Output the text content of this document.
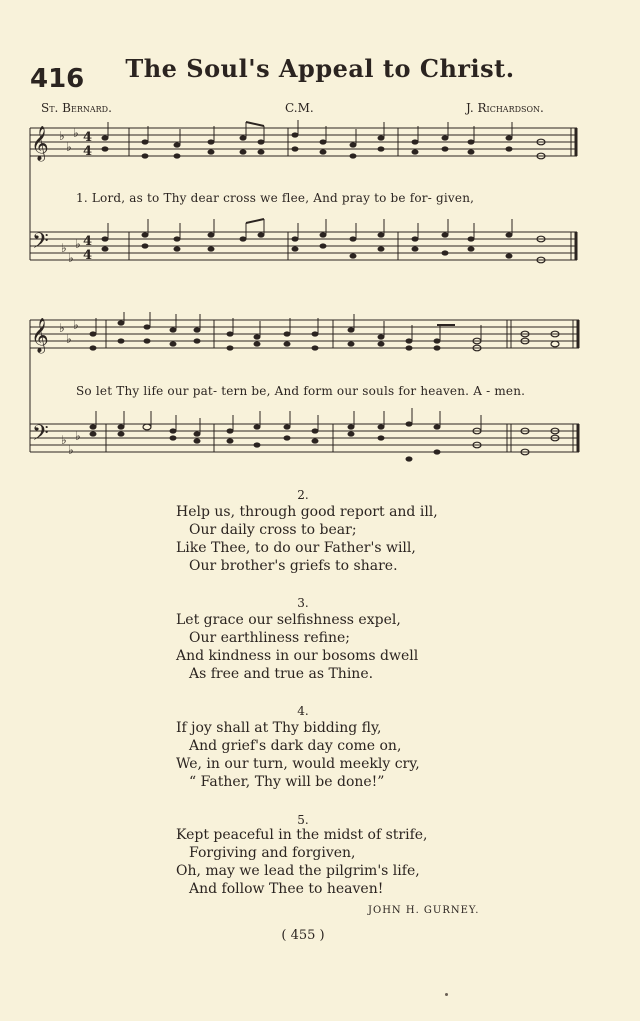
416	The Soul's Appeal to Christ.
St. Bernard.	C.M.	J. Richardson.
𝄞
𝄢
♭
♭
♭
♭
♭
♭
4
4
4
4
1. Lord, as to Thy dear cross we flee, And pray to be for- given,
𝄞
𝄢
♭
♭
♭
♭
♭
♭
So let Thy life our pat- tern be, And form our souls for heaven. A - men.
2.
Help us, through good report and ill,
Our daily cross to bear;
Like Thee, to do our Father's will,
Our brother's griefs to share.
3.
Let grace our selfishness expel,
Our earthliness refine;
And kindness in our bosoms dwell
As free and true as Thine.
4.
If joy shall at Thy bidding fly,
And grief's dark day come on,
We, in our turn, would meekly cry,
“ Father, Thy will be done!”
5.
Kept peaceful in the midst of strife,
Forgiving and forgiven,
Oh, may we lead the pilgrim's life,
And follow Thee to heaven!
JOHN H. GURNEY.
( 455 )
